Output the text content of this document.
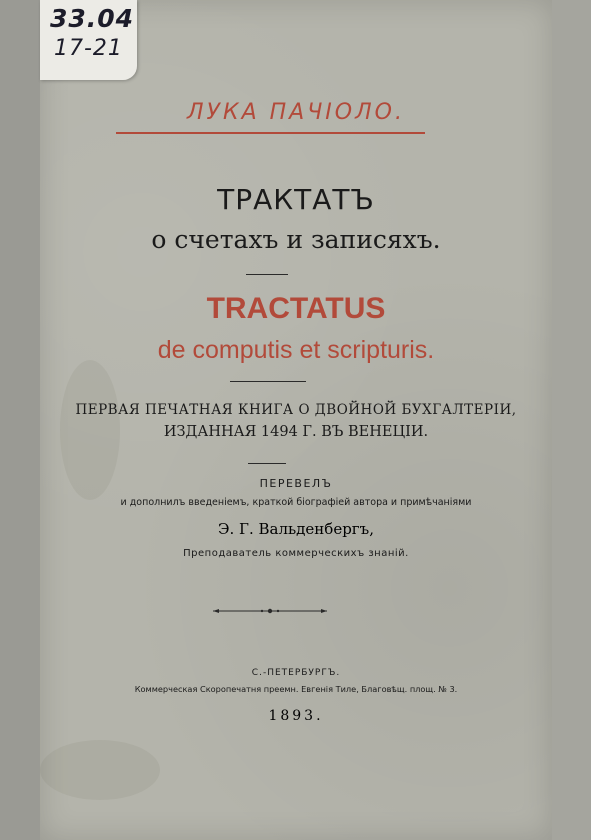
33.04
17-21
ЛУКА ПАЧІОЛО.
ТРАКТАТЪ
о счетахъ и записяхъ.
TRACTATUS
de computis et scripturis.
ПЕРВАЯ ПЕЧАТНАЯ КНИГА О ДВОЙНОЙ БУХГАЛТЕРІИ,
ИЗДАННАЯ 1494 Г. ВЪ ВЕНЕЦІИ.
ПЕРЕВЕЛЪ
и дополнилъ введеніемъ, краткой біографіей автора и примѣчаніями
Э. Г. Вальденбергъ,
Преподаватель коммерческихъ знаній.
С.-ПЕТЕРБУРГЪ.
Коммерческая Скоропечатня преемн. Евгенія Тиле, Благовѣщ. площ. № 3.
1893.
